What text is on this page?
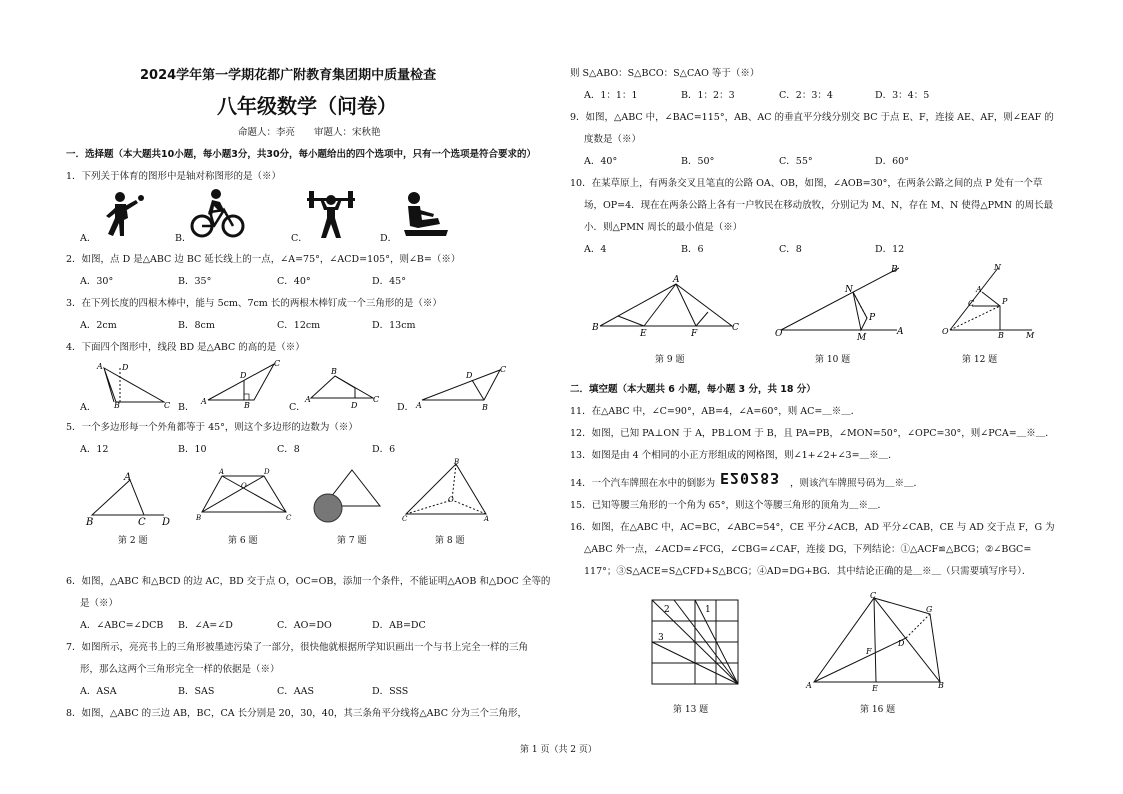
2024学年第一学期花都广附教育集团期中质量检查
八年级数学（问卷）
命题人：李亮　　审题人：宋秋艳
一．选择题（本大题共10小题，每小题3分，共30分，每小题给出的四个选项中，只有一个选项是符合要求的）
1．下列关于体育的图形中是轴对称图形的是（※）
A．	B．	C．	D．
2．如图，点 D 是△ABC 边 BC 延长线上的一点，∠A=75°，∠ACD=105°，则∠B=（※）
A．30°	B．35°	C．40°	D．45°
3．在下列长度的四根木棒中，能与 5cm、7cm 长的两根木棒钉成一个三角形的是（※）
A．2cm	B．8cm	C．12cm	D．13cm
4．下面四个图形中，线段 BD 是△ABC 的高的是（※）
A．	B．	C．	D．
A D
B	C
D
C
A	B
B
A
D
C
D
C
A	B
5．一个多边形每一个外角都等于 45°，则这个多边形的边数为（※）
A．12	B．10	C．8	D．6
A
B	C D
A	D
O
B	C
B
O
C	A
第 2 题	第 6 题	第 7 题	第 8 题
6．如图，△ABC 和△BCD 的边 AC，BD 交于点 O，OC=OB，添加一个条件，不能证明△AOB 和△DOC 全等的
是（※）
A．∠ABC=∠DCB B．∠A=∠D	C．AO=DO	D．AB=DC
7．如图所示，亮亮书上的三角形被墨迹污染了一部分，很快他就根据所学知识画出一个与书上完全一样的三角
形，那么这两个三角形完全一样的依据是（※）
A．ASA	B．SAS	C．AAS	D．SSS
8．如图，△ABC 的三边 AB，BC，CA 长分别是 20，30，40，其三条角平分线将△ABC 分为三个三角形，
则 S△ABO：S△BCO：S△CAO 等于（※）
A．1：1：1	B．1：2：3	C．2：3：4	D．3：4：5
9．如图，△ABC 中，∠BAC=115°，AB、AC 的垂直平分线分别交 BC 于点 E、F，连接 AE、AF，则∠EAF 的
度数是（※）
A．40°	B．50°	C．55°	D．60°
10．在某草原上，有两条交叉且笔直的公路 OA、OB，如图，∠AOB=30°，在两条公路之间的点 P 处有一个草
场，OP=4．现在在两条公路上各有一户牧民在移动放牧，分别记为 M、N，存在 M、N 使得△PMN 的周长最
小．则△PMN 周长的最小值是（※）
A．4	B．6	C．8	D．12
A
B
E	F
C
B
N
P
O	M
A
N
A
C	P
O	B	M
第 9 题	第 10 题	第 12 题
二．填空题（本大题共 6 小题，每小题 3 分，共 18 分）
11．在△ABC 中，∠C=90°，AB=4，∠A=60°，则 AC=＿※＿．
12．如图，已知 PA⊥ON 于 A，PB⊥OM 于 B，且 PA=PB，∠MON=50°，∠OPC=30°，则∠PCA=＿※＿．
13．如图是由 4 个相同的小正方形组成的网格图，则∠1+∠2+∠3=＿※＿．
14．一个汽车牌照在水中的倒影为 E20283 ，则该汽车牌照号码为＿※＿．
15．已知等腰三角形的一个角为 65°，则这个等腰三角形的顶角为＿※＿．
16．如图，在△ABC 中，AC=BC，∠ABC=54°，CE 平分∠ACB，AD 平分∠CAB，CE 与 AD 交于点 F，G 为
△ABC 外一点，∠ACD=∠FCG，∠CBG=∠CAF，连接 DG，下列结论：①△ACF≌△BCG；②∠BGC=
117°；③S△ACE=S△CFD+S△BCG；④AD=DG+BG．其中结论正确的是＿※＿（只需要填写序号）．
2	1
3
C
G
D
F
A	E	B
第 13 题	第 16 题
第 1 页（共 2 页）
